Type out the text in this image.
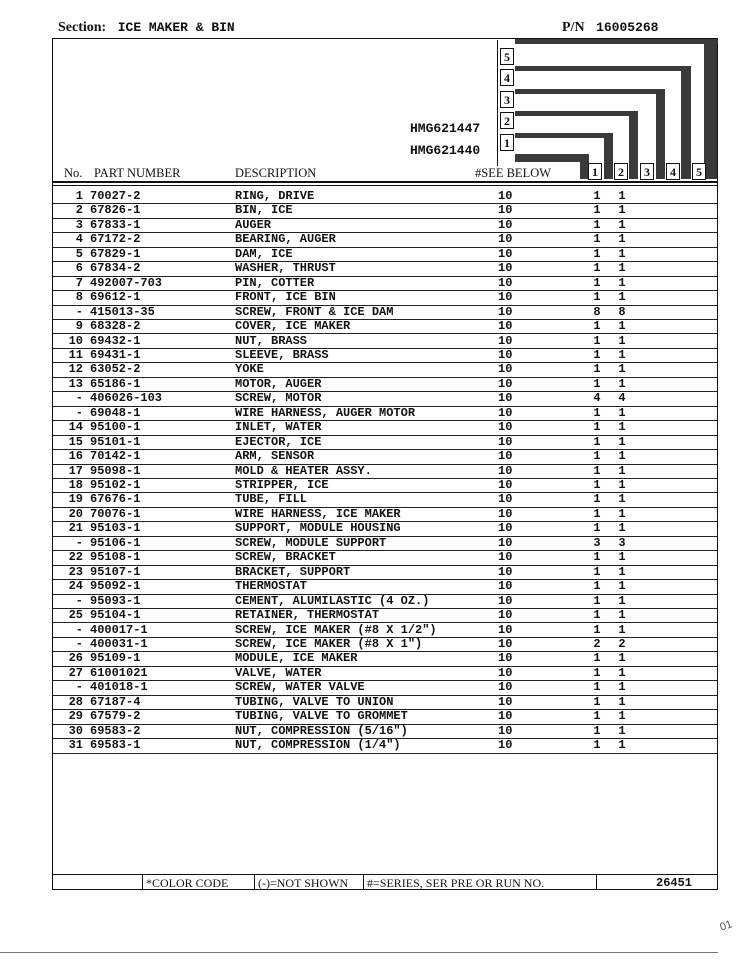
Section: ICE MAKER & BIN	P/N 16005268
5
4
3
2
1
HMG621447
HMG621440
1	2	3	4	5
No. PART NUMBER	DESCRIPTION	#SEE BELOW
1 70027-2	RING, DRIVE	10	1 1
2 67826-1	BIN, ICE	10	1 1
3 67833-1	AUGER	10	1 1
4 67172-2	BEARING, AUGER	10	1 1
5 67829-1	DAM, ICE	10	1 1
6 67834-2	WASHER, THRUST	10	1 1
7 492007-703	PIN, COTTER	10	1 1
8 69612-1	FRONT, ICE BIN	10	1 1
- 415013-35	SCREW, FRONT & ICE DAM	10	8 8
9 68328-2	COVER, ICE MAKER	10	1 1
10 69432-1	NUT, BRASS	10	1 1
11 69431-1	SLEEVE, BRASS	10	1 1
12 63052-2	YOKE	10	1 1
13 65186-1	MOTOR, AUGER	10	1 1
- 406026-103	SCREW, MOTOR	10	4 4
- 69048-1	WIRE HARNESS, AUGER MOTOR	10	1 1
14 95100-1	INLET, WATER	10	1 1
15 95101-1	EJECTOR, ICE	10	1 1
16 70142-1	ARM, SENSOR	10	1 1
17 95098-1	MOLD & HEATER ASSY.	10	1 1
18 95102-1	STRIPPER, ICE	10	1 1
19 67676-1	TUBE, FILL	10	1 1
20 70076-1	WIRE HARNESS, ICE MAKER	10	1 1
21 95103-1	SUPPORT, MODULE HOUSING	10	1 1
- 95106-1	SCREW, MODULE SUPPORT	10	3 3
22 95108-1	SCREW, BRACKET	10	1 1
23 95107-1	BRACKET, SUPPORT	10	1 1
24 95092-1	THERMOSTAT	10	1 1
- 95093-1	CEMENT, ALUMILASTIC (4 OZ.)	10	1 1
25 95104-1	RETAINER, THERMOSTAT	10	1 1
- 400017-1	SCREW, ICE MAKER (#8 X 1/2")	10	1 1
- 400031-1	SCREW, ICE MAKER (#8 X 1")	10	2 2
26 95109-1	MODULE, ICE MAKER	10	1 1
27 61001021	VALVE, WATER	10	1 1
- 401018-1	SCREW, WATER VALVE	10	1 1
28 67187-4	TUBING, VALVE TO UNION	10	1 1
29 67579-2	TUBING, VALVE TO GROMMET	10	1 1
30 69583-2	NUT, COMPRESSION (5/16")	10	1 1
31 69583-1	NUT, COMPRESSION (1/4")	10	1 1
*COLOR CODE (-)=NOT SHOWN #=SERIES, SER PRE OR RUN NO.	26451
01
